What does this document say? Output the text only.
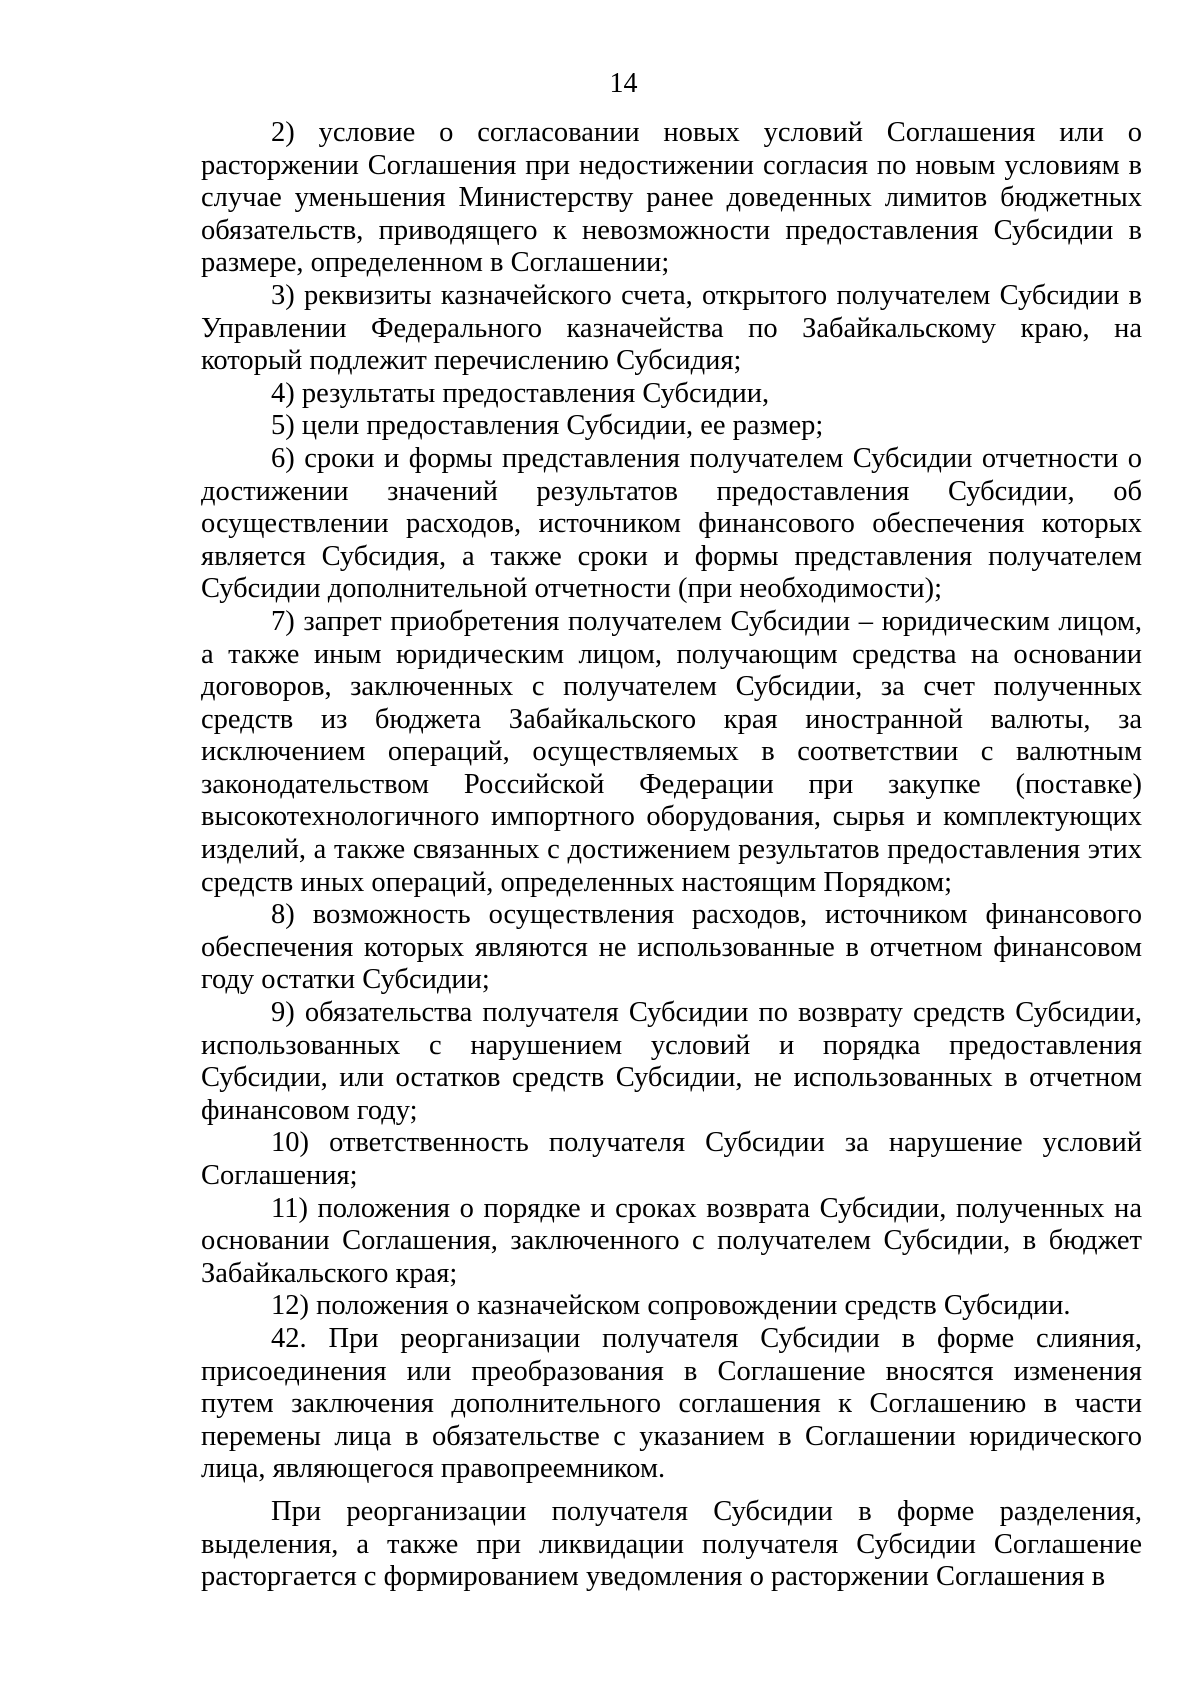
14

2) условие о согласовании новых условий Соглашения или о расторжении Соглашения при недостижении согласия по новым условиям в случае уменьшения Министерству ранее доведенных лимитов бюджетных обязательств, приводящего к невозможности предоставления Субсидии в размере, определенном в Соглашении;

3) реквизиты казначейского счета, открытого получателем Субсидии в Управлении Федерального казначейства по Забайкальскому краю, на который подлежит перечислению Субсидия;

4) результаты предоставления Субсидии,

5) цели предоставления Субсидии, ее размер;

6) сроки и формы представления получателем Субсидии отчетности о достижении значений результатов предоставления Субсидии, об осуществлении расходов, источником финансового обеспечения которых является Субсидия, а также сроки и формы представления получателем Субсидии дополнительной отчетности (при необходимости);

7) запрет приобретения получателем Субсидии – юридическим лицом, а также иным юридическим лицом, получающим средства на основании договоров, заключенных с получателем Субсидии, за счет полученных средств из бюджета Забайкальского края иностранной валюты, за исключением операций, осуществляемых в соответствии с валютным законодательством Российской Федерации при закупке (поставке) высокотехнологичного импортного оборудования, сырья и комплектующих изделий, а также связанных с достижением результатов предоставления этих средств иных операций, определенных настоящим Порядком;

8) возможность осуществления расходов, источником финансового обеспечения которых являются не использованные в отчетном финансовом году остатки Субсидии;

9) обязательства получателя Субсидии по возврату средств Субсидии, использованных с нарушением условий и порядка предоставления Субсидии, или остатков средств Субсидии, не использованных в отчетном финансовом году;

10) ответственность получателя Субсидии за нарушение условий Соглашения;

11) положения о порядке и сроках возврата Субсидии, полученных на основании Соглашения, заключенного с получателем Субсидии, в бюджет Забайкальского края;

12) положения о казначейском сопровождении средств Субсидии.

42. При реорганизации получателя Субсидии в форме слияния, присоединения или преобразования в Соглашение вносятся изменения путем заключения дополнительного соглашения к Соглашению в части перемены лица в обязательстве с указанием в Соглашении юридического лица, являющегося правопреемником.

При реорганизации получателя Субсидии в форме разделения, выделения, а также при ликвидации получателя Субсидии Соглашение расторгается с формированием уведомления о расторжении Соглашения в
